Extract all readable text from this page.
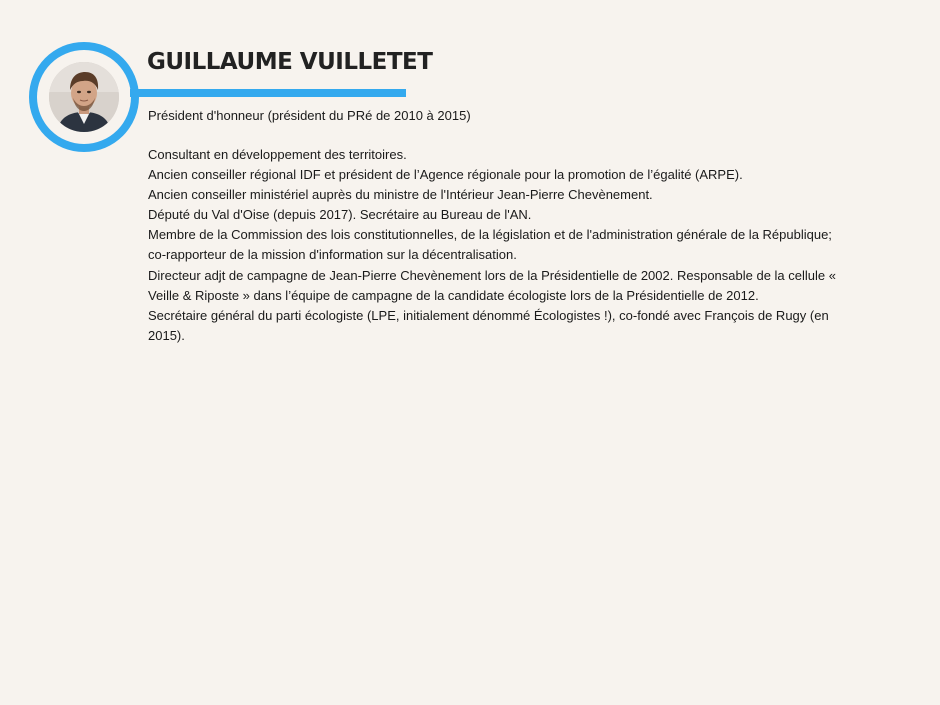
GUILLAUME VUILLETET

Président d'honneur (président du PRé de 2010 à 2015)

Consultant en développement des territoires.
Ancien conseiller régional IDF et président de l’Agence régionale pour la promotion de l’égalité (ARPE).
Ancien conseiller ministériel auprès du ministre de l'Intérieur Jean-Pierre Chevènement.
Député du Val d'Oise (depuis 2017). Secrétaire au Bureau de l'AN.
Membre de la Commission des lois constitutionnelles, de la législation et de l'administration générale de la République; co-rapporteur de la mission d'information sur la décentralisation.
Directeur adjt de campagne de Jean-Pierre Chevènement lors de la Présidentielle de 2002. Responsable de la cellule « Veille & Riposte » dans l’équipe de campagne de la candidate écologiste lors de la Présidentielle de 2012.
Secrétaire général du parti écologiste (LPE, initialement dénommé Écologistes !), co-fondé avec François de Rugy (en 2015).
